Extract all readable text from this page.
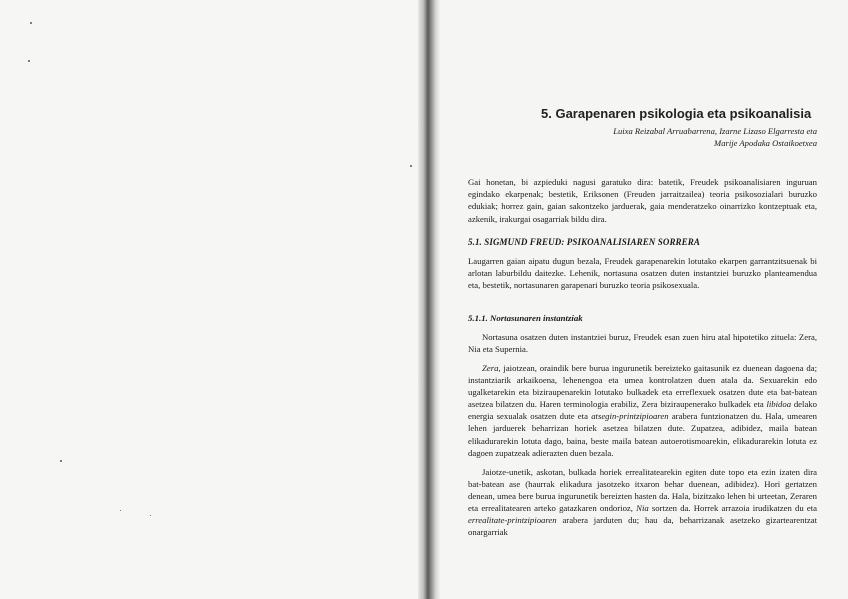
5. Garapenaren psikologia eta psikoanalisia
Luixa Reizabal Arruabarrena, Izarne Lizaso Elgarresta eta
Marije Apodaka Ostaikoetxea
Gai honetan, bi azpieduki nagusi garatuko dira: batetik, Freudek psikoanalisiaren inguruan egindako ekarpenak; bestetik, Eriksonen (Freuden jarraitzailea) teoria psikosozialari buruzko edukiak; horrez gain, gaian sakontzeko jarduerak, gaia menderatzeko oinarrizko kontzeptuak eta, azkenik, irakurgai osagarriak bildu dira.
5.1. SIGMUND FREUD: PSIKOANALISIAREN SORRERA
Laugarren gaian aipatu dugun bezala, Freudek garapenarekin lotutako ekarpen garrantzitsuenak bi arlotan laburbildu daitezke. Lehenik, nortasuna osatzen duten instantziei buruzko planteamendua eta, bestetik, nortasunaren garapenari buruzko teoria psikosexuala.
5.1.1. Nortasunaren instantziak
Nortasuna osatzen duten instantziei buruz, Freudek esan zuen hiru atal hipotetiko zituela: Zera, Nia eta Supernia.
Zera, jaiotzean, oraindik bere burua ingurunetik bereizteko gaitasunik ez duenean dagoena da; instantziarik arkaikoena, lehenengoa eta umea kontrolatzen duen atala da. Sexuarekin edo ugalketarekin eta biziraupenarekin lotutako bulkadek eta erreflexuek osatzen dute eta bat-batean asetzea bilatzen du. Haren terminologia erabiliz, Zera biziraupenerako bulkadek eta libidoa delako energia sexualak osatzen dute eta atsegin-printzipioaren arabera funtzionatzen du. Hala, umearen lehen jarduerek beharrizan horiek asetzea bilatzen dute. Zupatzea, adibidez, maila batean elikadurarekin lotuta dago, baina, beste maila batean autoerotismoarekin, elikadurarekin lotuta ez dagoen zupatzeak adierazten duen bezala.
Jaiotze-unetik, askotan, bulkada horiek errealitatearekin egiten dute topo eta ezin izaten dira bat-batean ase (haurrak elikadura jasotzeko itxaron behar duenean, adibidez). Hori gertatzen denean, umea bere burua ingurunetik bereizten hasten da. Hala, bizitzako lehen bi urteetan, Zeraren eta errealitatearen arteko gatazkaren ondorioz, Nia sortzen da. Horrek arrazoia irudikatzen du eta errealitate-printzipioaren arabera jarduten du; hau da, beharrizanak asetzeko gizartearentzat onargarriak
